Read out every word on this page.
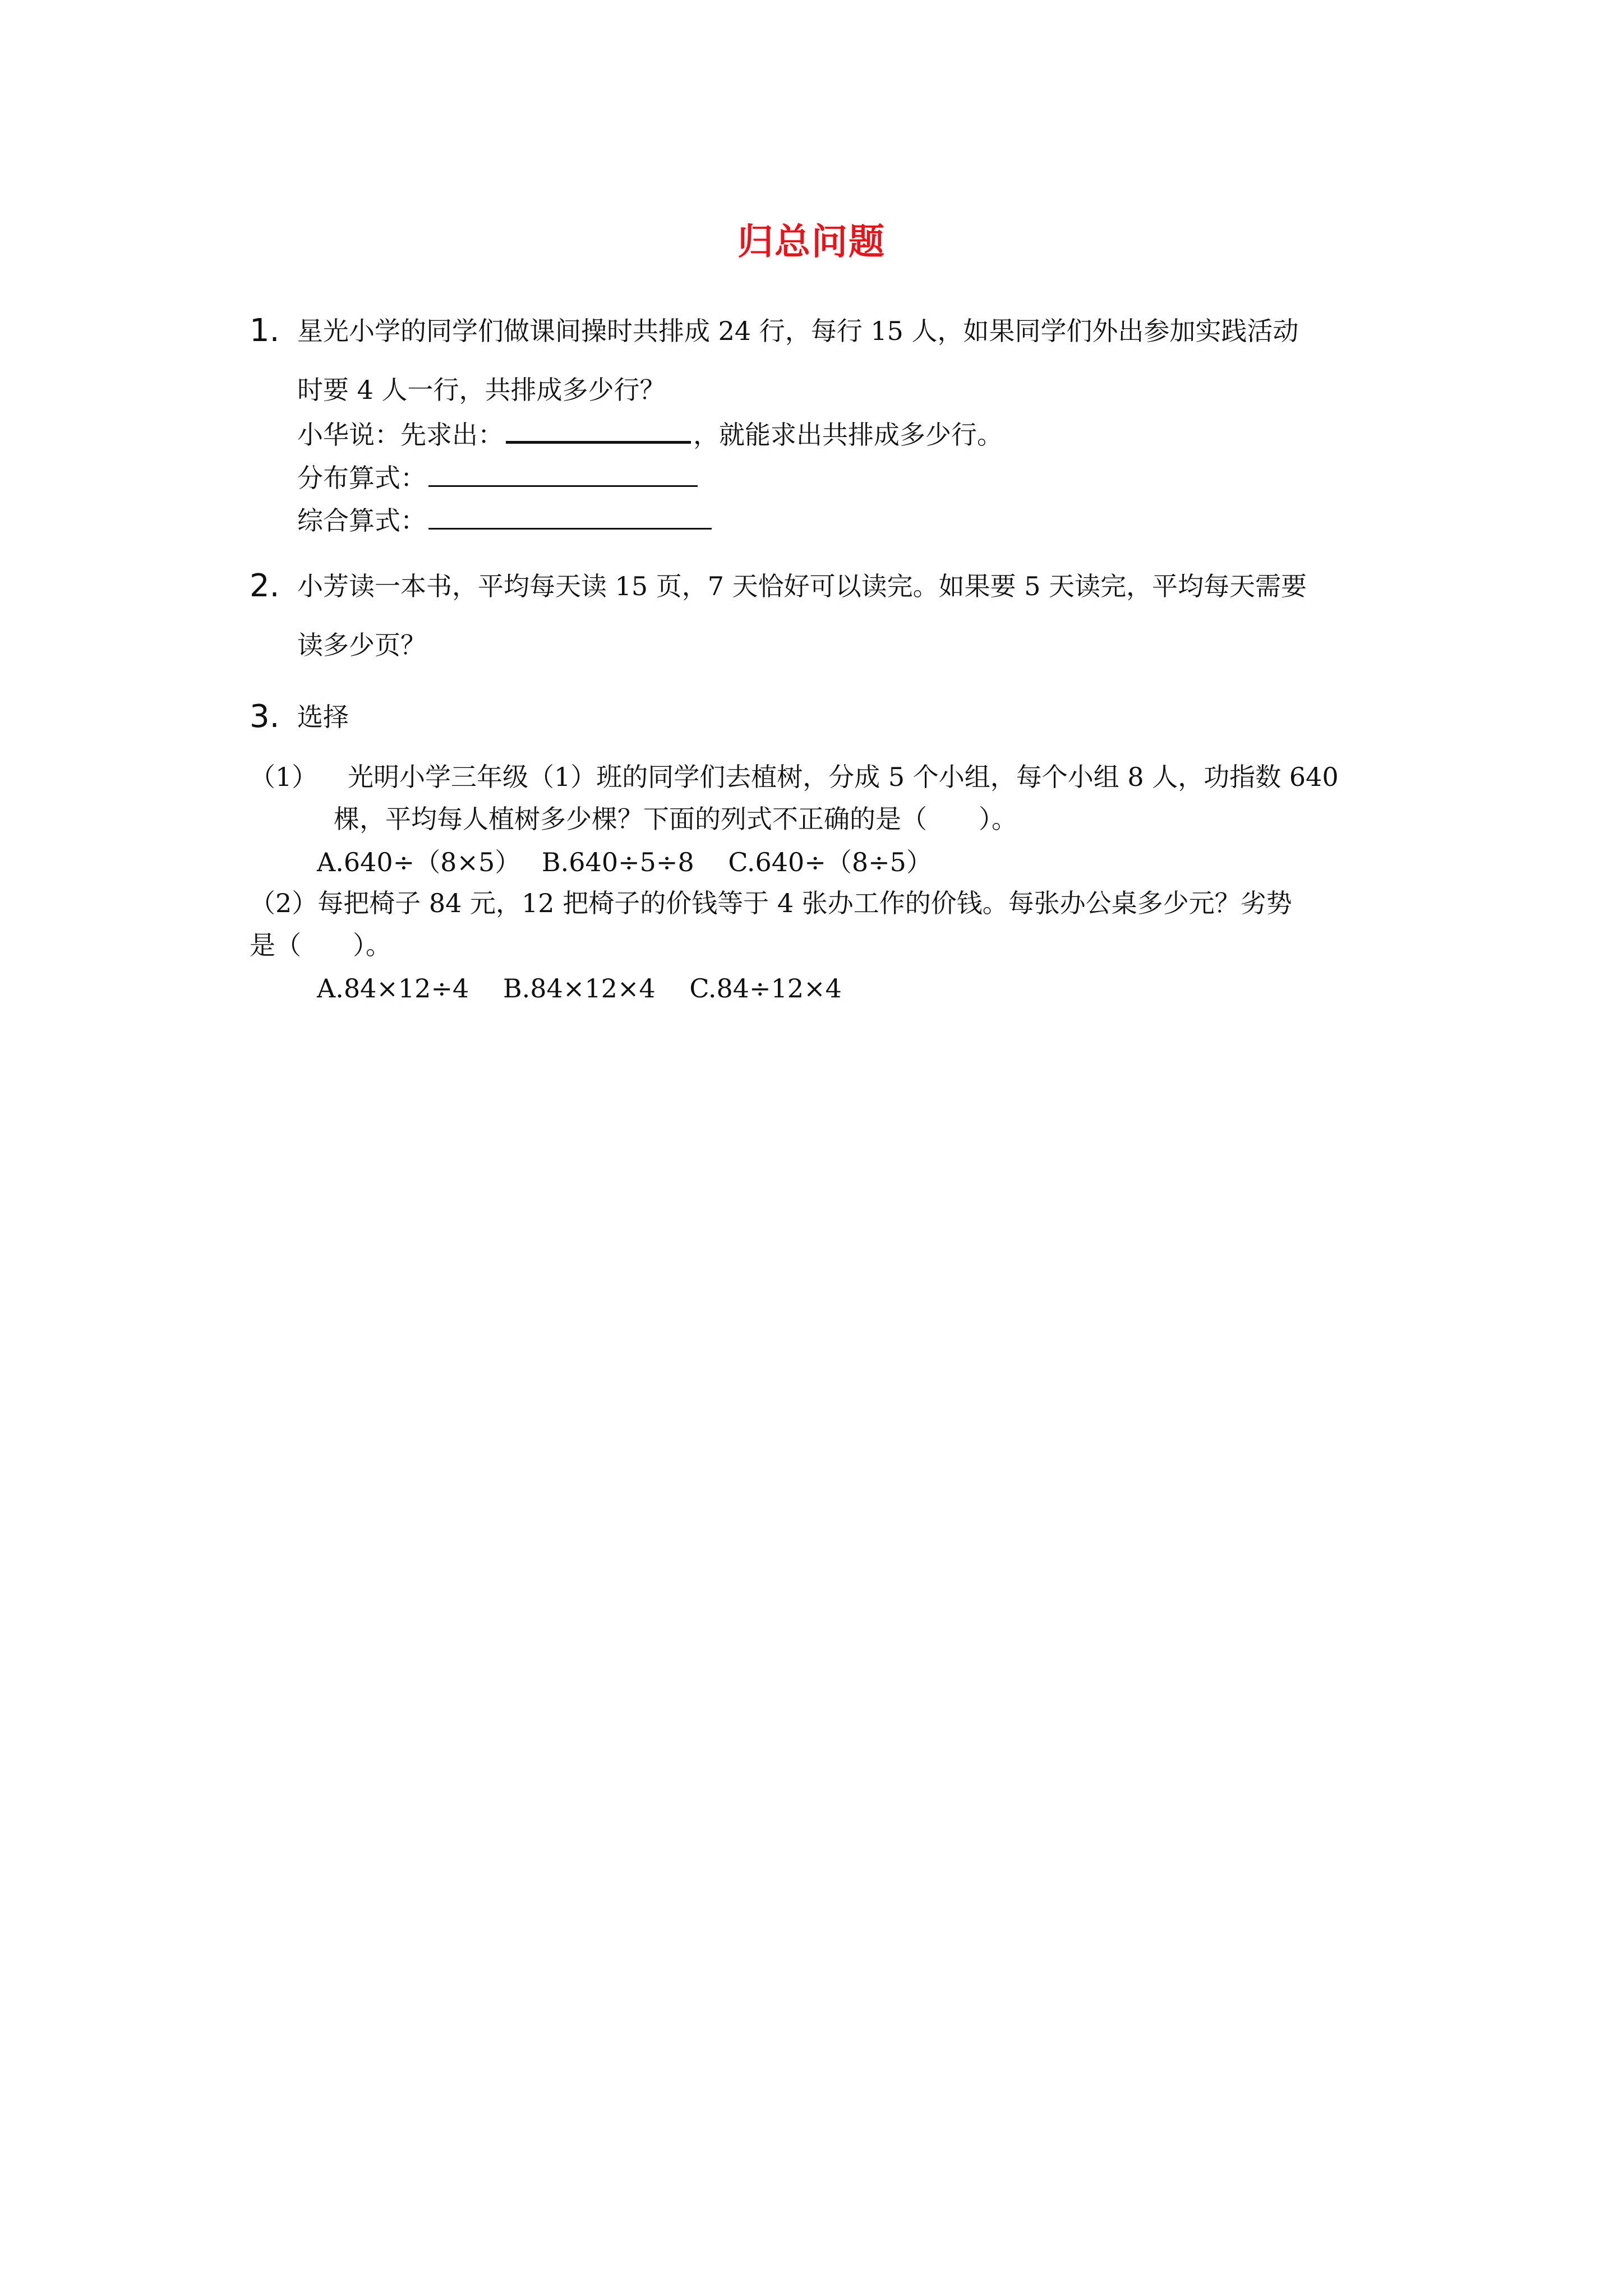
归总问题
1. 星光小学的同学们做课间操时共排成 24 行，每行 15 人，如果同学们外出参加实践活动
时要 4 人一行，共排成多少行？
小华说：先求出：	，就能求出共排成多少行。
分布算式：
综合算式：
2. 小芳读一本书，平均每天读 15 页，7 天恰好可以读完。如果要 5 天读完，平均每天需要
读多少页？
3. 选择
（1） 光明小学三年级（1）班的同学们去植树，分成 5 个小组，每个小组 8 人，功指数 640
棵，平均每人植树多少棵？下面的列式不正确的是（　　）。
A.640÷（8×5）　 B.640÷5÷8　 C.640÷（8÷5）
（2）每把椅子 84 元，12 把椅子的价钱等于 4 张办工作的价钱。每张办公桌多少元？劣势
是（　　）。
A.84×12÷4　 B.84×12×4　 C.84÷12×4
